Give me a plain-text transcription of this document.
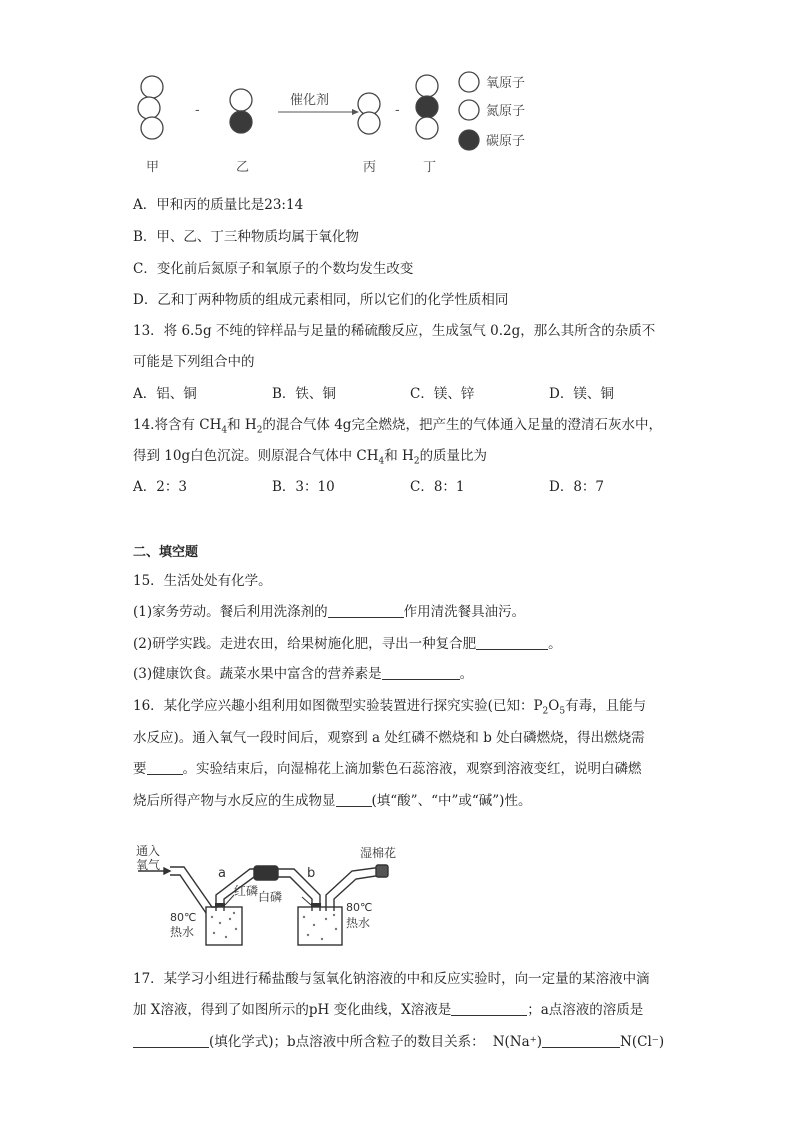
-	-
催化剂
氧原子
氮原子
碳原子
甲	乙	丙	丁
A．甲和丙的质量比是23:14
B．甲、乙、丁三种物质均属于氧化物
C．变化前后氮原子和氧原子的个数均发生改变
D．乙和丁两种物质的组成元素相同，所以它们的化学性质相同
13．将 6.5g 不纯的锌样品与足量的稀硫酸反应，生成氢气 0.2g，那么其所含的杂质不
可能是下列组合中的
A．铝、铜	B．铁、铜	C．镁、锌	D．镁、铜
14.将含有 $CH_4$和 $H_2$的混合气体 4g完全燃烧，把产生的气体通入足量的澄清石灰水中，
得到 10g白色沉淀。则原混合气体中 $CH_4$和 $H_2$的质量比为
A．2：3	B．3：10	C．8：1	D．8：7
二、填空题
15．生活处处有化学。
(1)家务劳动。餐后利用洗涤剂的	作用清洗餐具油污。
(2)研学实践。走进农田，给果树施化肥，寻出一种复合肥	。
(3)健康饮食。蔬菜水果中富含的营养素是	。
16．某化学应兴趣小组利用如图微型实验装置进行探究实验(已知：$P_2O_5$有毒，且能与
水反应)。通入氧气一段时间后，观察到 a 处红磷不燃烧和 b 处白磷燃烧，得出燃烧需
要	。实验结束后，向湿棉花上滴加紫色石蕊溶液，观察到溶液变红，说明白磷燃
烧后所得产物与水反应的生成物显	(填“酸”、“中”或“碱”)性。
通入
氧气
a	b
红磷 白磷
湿棉花
80℃
热水
80℃
热水
17．某学习小组进行稀盐酸与氢氧化钠溶液的中和反应实验时，向一定量的某溶液中滴
加 X溶液，得到了如图所示的pH 变化曲线，X溶液是	；a点溶液的溶质是
(填化学式)；b点溶液中所含粒子的数目关系： N(Na⁺)	N(Cl⁻)
